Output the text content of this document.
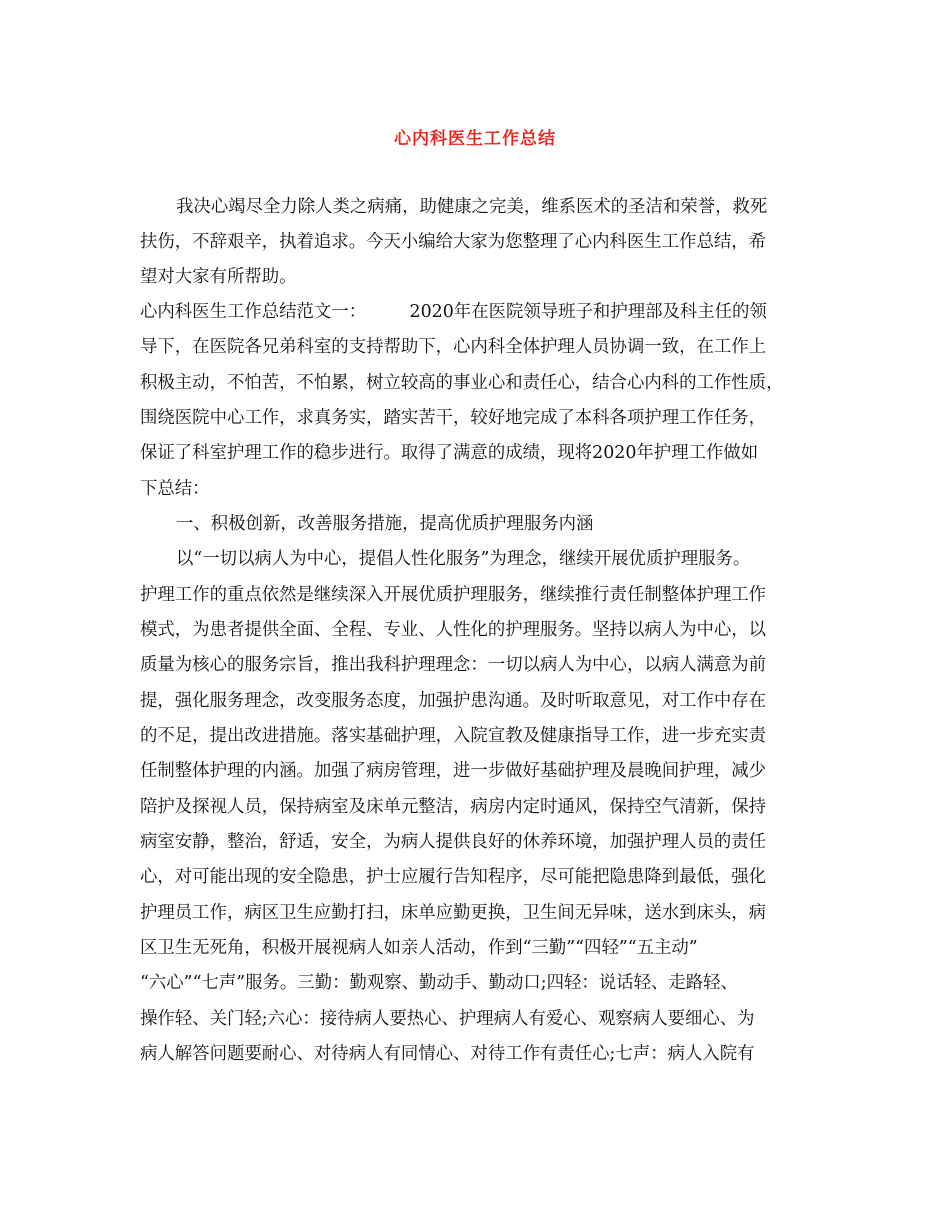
心内科医生工作总结
我决心竭尽全力除人类之病痛，助健康之完美，维系医术的圣洁和荣誉，救死
扶伤，不辞艰辛，执着追求。今天小编给大家为您整理了心内科医生工作总结，希
望对大家有所帮助。
心内科医生工作总结范文一：　　　2020年在医院领导班子和护理部及科主任的领
导下，在医院各兄弟科室的支持帮助下，心内科全体护理人员协调一致，在工作上
积极主动，不怕苦，不怕累，树立较高的事业心和责任心，结合心内科的工作性质，
围绕医院中心工作，求真务实，踏实苦干，较好地完成了本科各项护理工作任务，
保证了科室护理工作的稳步进行。取得了满意的成绩，现将2020年护理工作做如
下总结：
一、积极创新，改善服务措施，提高优质护理服务内涵
以“一切以病人为中心，提倡人性化服务”为理念，继续开展优质护理服务。
护理工作的重点依然是继续深入开展优质护理服务，继续推行责任制整体护理工作
模式，为患者提供全面、全程、专业、人性化的护理服务。坚持以病人为中心，以
质量为核心的服务宗旨，推出我科护理理念：一切以病人为中心，以病人满意为前
提，强化服务理念，改变服务态度，加强护患沟通。及时听取意见，对工作中存在
的不足，提出改进措施。落实基础护理，入院宣教及健康指导工作，进一步充实责
任制整体护理的内涵。加强了病房管理，进一步做好基础护理及晨晚间护理，减少
陪护及探视人员，保持病室及床单元整洁，病房内定时通风，保持空气清新，保持
病室安静，整治，舒适，安全，为病人提供良好的休养环境，加强护理人员的责任
心，对可能出现的安全隐患，护士应履行告知程序，尽可能把隐患降到最低，强化
护理员工作，病区卫生应勤打扫，床单应勤更换，卫生间无异味，送水到床头，病
区卫生无死角，积极开展视病人如亲人活动，作到“三勤”“四轻”“五主动”
“六心”“七声”服务。三勤：勤观察、勤动手、勤动口;四轻：说话轻、走路轻、
操作轻、关门轻;六心：接待病人要热心、护理病人有爱心、观察病人要细心、为
病人解答问题要耐心、对待病人有同情心、对待工作有责任心;七声：病人入院有
